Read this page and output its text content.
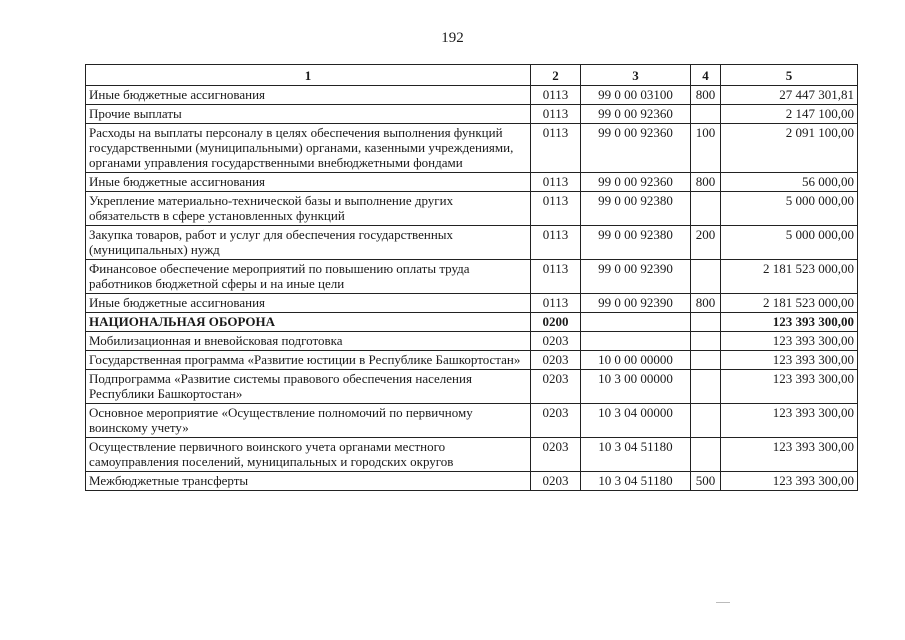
192
1	2	3	4	5
Иные бюджетные ассигнования	0113	99 0 00 03100	800	27 447 301,81
Прочие выплаты	0113	99 0 00 92360		2 147 100,00
Расходы на выплаты персоналу в целях обеспечения выполнения функций государственными (муниципальными) органами, казенными учреждениями, органами управления государственными внебюджетными фондами	0113	99 0 00 92360	100	2 091 100,00
Иные бюджетные ассигнования	0113	99 0 00 92360	800	56 000,00
Укрепление материально-технической базы и выполнение других обязательств в сфере установленных функций	0113	99 0 00 92380		5 000 000,00
Закупка товаров, работ и услуг для обеспечения государственных (муниципальных) нужд	0113	99 0 00 92380	200	5 000 000,00
Финансовое обеспечение мероприятий по повышению оплаты труда работников бюджетной сферы и на иные цели	0113	99 0 00 92390		2 181 523 000,00
Иные бюджетные ассигнования	0113	99 0 00 92390	800	2 181 523 000,00
НАЦИОНАЛЬНАЯ ОБОРОНА	0200			123 393 300,00
Мобилизационная и вневойсковая подготовка	0203			123 393 300,00
Государственная программа «Развитие юстиции в Республике Башкортостан»	0203	10 0 00 00000		123 393 300,00
Подпрограмма «Развитие системы правового обеспечения населения Республики Башкортостан»	0203	10 3 00 00000		123 393 300,00
Основное мероприятие «Осуществление полномочий по первичному воинскому учету»	0203	10 3 04 00000		123 393 300,00
Осуществление первичного воинского учета органами местного самоуправления поселений, муниципальных и городских округов	0203	10 3 04 51180		123 393 300,00
Межбюджетные трансферты	0203	10 3 04 51180	500	123 393 300,00
